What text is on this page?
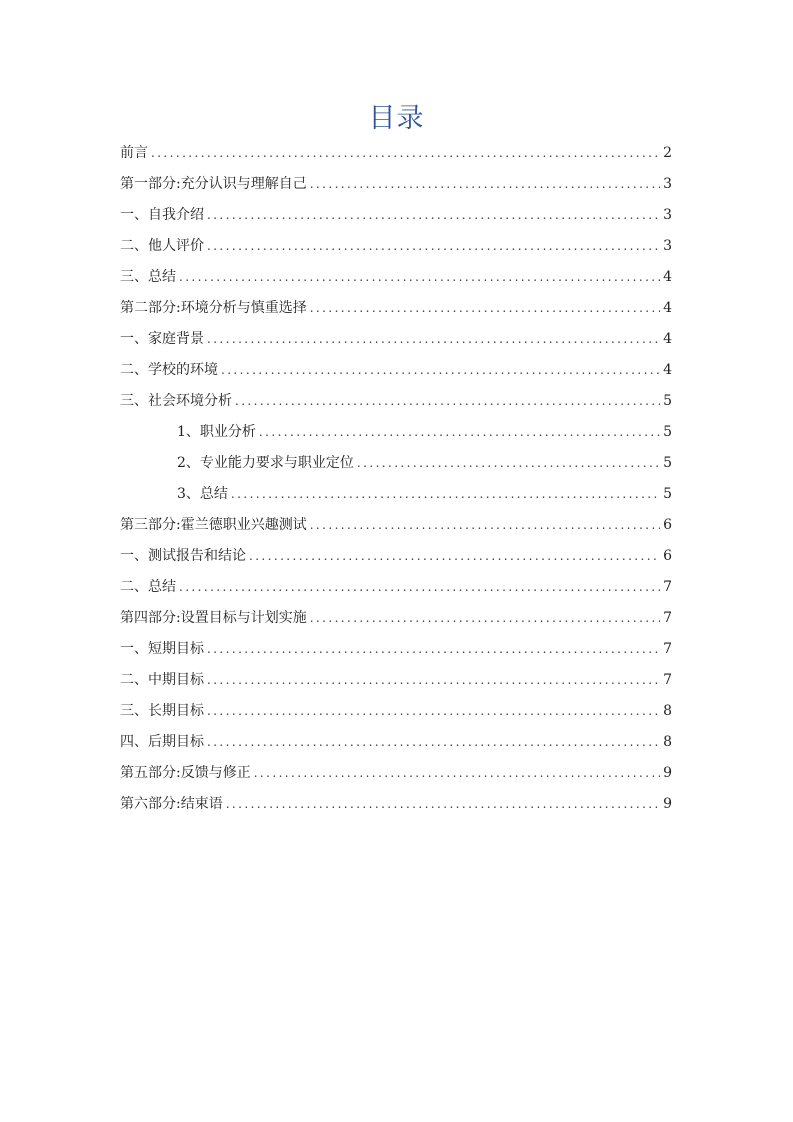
目录
前言 .....	2
第一部分:充分认识与理解自己 .....	3
一、自我介绍 .....	3
二、他人评价 .....	3
三、总结 .....	4
第二部分:环境分析与慎重选择 .....	4
一、家庭背景 .....	4
二、学校的环境 .....	4
三、社会环境分析 .....	5
1、职业分析 .....	5
2、专业能力要求与职业定位 .....	5
3、总结 .....	5
第三部分:霍兰德职业兴趣测试 .....	6
一、测试报告和结论 .....	6
二、总结 .....	7
第四部分:设置目标与计划实施 .....	7
一、短期目标 .....	7
二、中期目标 .....	7
三、长期目标 .....	8
四、后期目标 .....	8
第五部分:反馈与修正 .....	9
第六部分:结束语 .....	9
